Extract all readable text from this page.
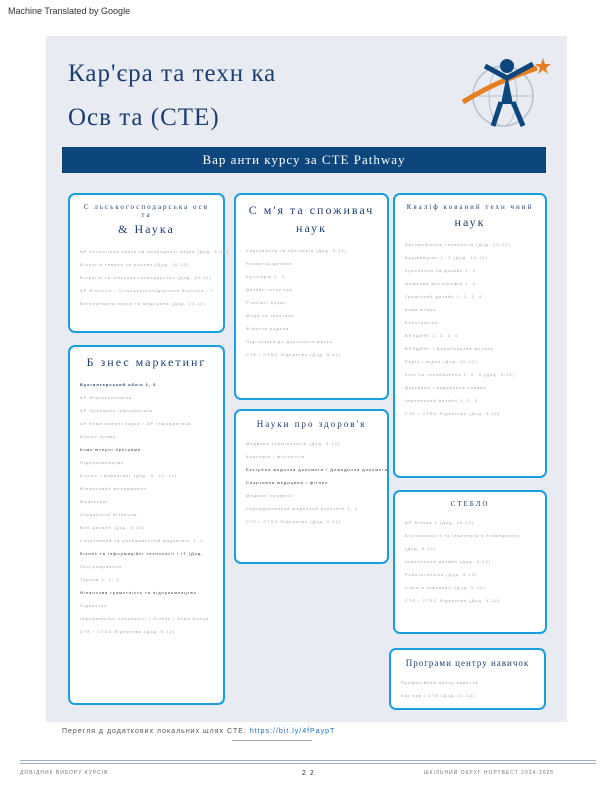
Machine Translated by Google
Кар'єра та техн ка
Осв та (CTE)
Вар анти курсу за CTE Pathway
С льськогосподарська осв та
& Наука
AP Екологічна наука та природничі науки (Дод. 9-12)
Біологія тварин та рослин (Дод. 10-12)
Біологія та сільське господарство (Дод. 10-12)
АР Біологія / Сільськогосподарська біологія / Т
Ветеринарна наука та медицина (Дод. 10-12)
С м'я та споживач
наук
Харчування та кулінарія (Дод. 9-12)
Розвиток дитини
Кулінарія 1, 2
Дизайн інтер'єру
ProStart Кухар
Мода та текстиль
Фінанси родини
Підготовка до дорослого життя
CTE / CTSO Лідерство (Дод. 9-12)
Кваліф кований техн чний
наук
Автомобільна технологія (Дод. 10-12)
Будівництво 1, 2 (Дод. 10-12)
Креслення та дизайн 1, 2
Цифрова фотографія 1, 2
Графічний дизайн 1, 2, 3, 4
Комп'ютери
Електроніка
ВЕЛДИНГ 1, 2, 3, 4
ВЕЛДИНГ І Виробництво металу
Радіо і відео (Дод. 10-12)
Кіно та телебачення 1, 2, 3 (Дод. 9-12)
Друкарня і видавнича справа
Інженерний дизайн 1, 2, 3
CTE / CTSO Лідерство (Дод. 9-12)
Б знес маркетинг
Бухгалтерський облік 1, 2
АР Мікроекономіка
АР Принципи інформатики
АР Комп'ютерні науки / АР Інформатика
Бізнес-право
Комп'ютерні програми
Підприємництво
Бізнес і маркетинг (Дод. 9, 10, 11)
Фінансовий менеджмент
Маркетинг
Управління бізнесом
Веб-дизайн (Дод. 9-12)
Спортивний та розважальний маркетинг 1, 2
Бізнес та інформаційні технології / IT (Дод.
Програмування
Туризм 1, 2, 3
Фінансова грамотність та підприємництво
Лідерство
Інформаційні технології / Бізнес / Комп'ютери
CTE / CTSO Лідерство (Дод. 9-12)
Науки про здоров'я
Медична термінологія (Дод. 9-12)
Анатомія і фізіологія
Екстрена медична допомога / Домедична допомога
Спортивна медицина і фітнес
Медичні професії
Сертифікований медичний асистент 1, 2
CTE / CTSO Лідерство (Дод. 9-12)
СТЕБЛО
АР Фізика 1 (Дод. 10-12)
Біотехнології та інженерія в біомедицині
(Дод. 9-12)
Інженерний дизайн (Дод. 9-12)
Робототехніка (Дод. 9-12)
Хімія в інженерії (Дод. 9-12)
CTE / CTSO Лідерство (Дод. 9-12)
Програми центру навичок
Професійний центр навичок
Кар'єра і CTE (Дод. 11-12)
Перегля д додаткових локальних шлях CTE: https://bit.ly/4fPaypT
ДОВІДНИК ВИБОРУ КУРСІВ	2 2	ШКІЛЬНИЙ ОКРУГ НОРТВЕСТ 2024-2025
